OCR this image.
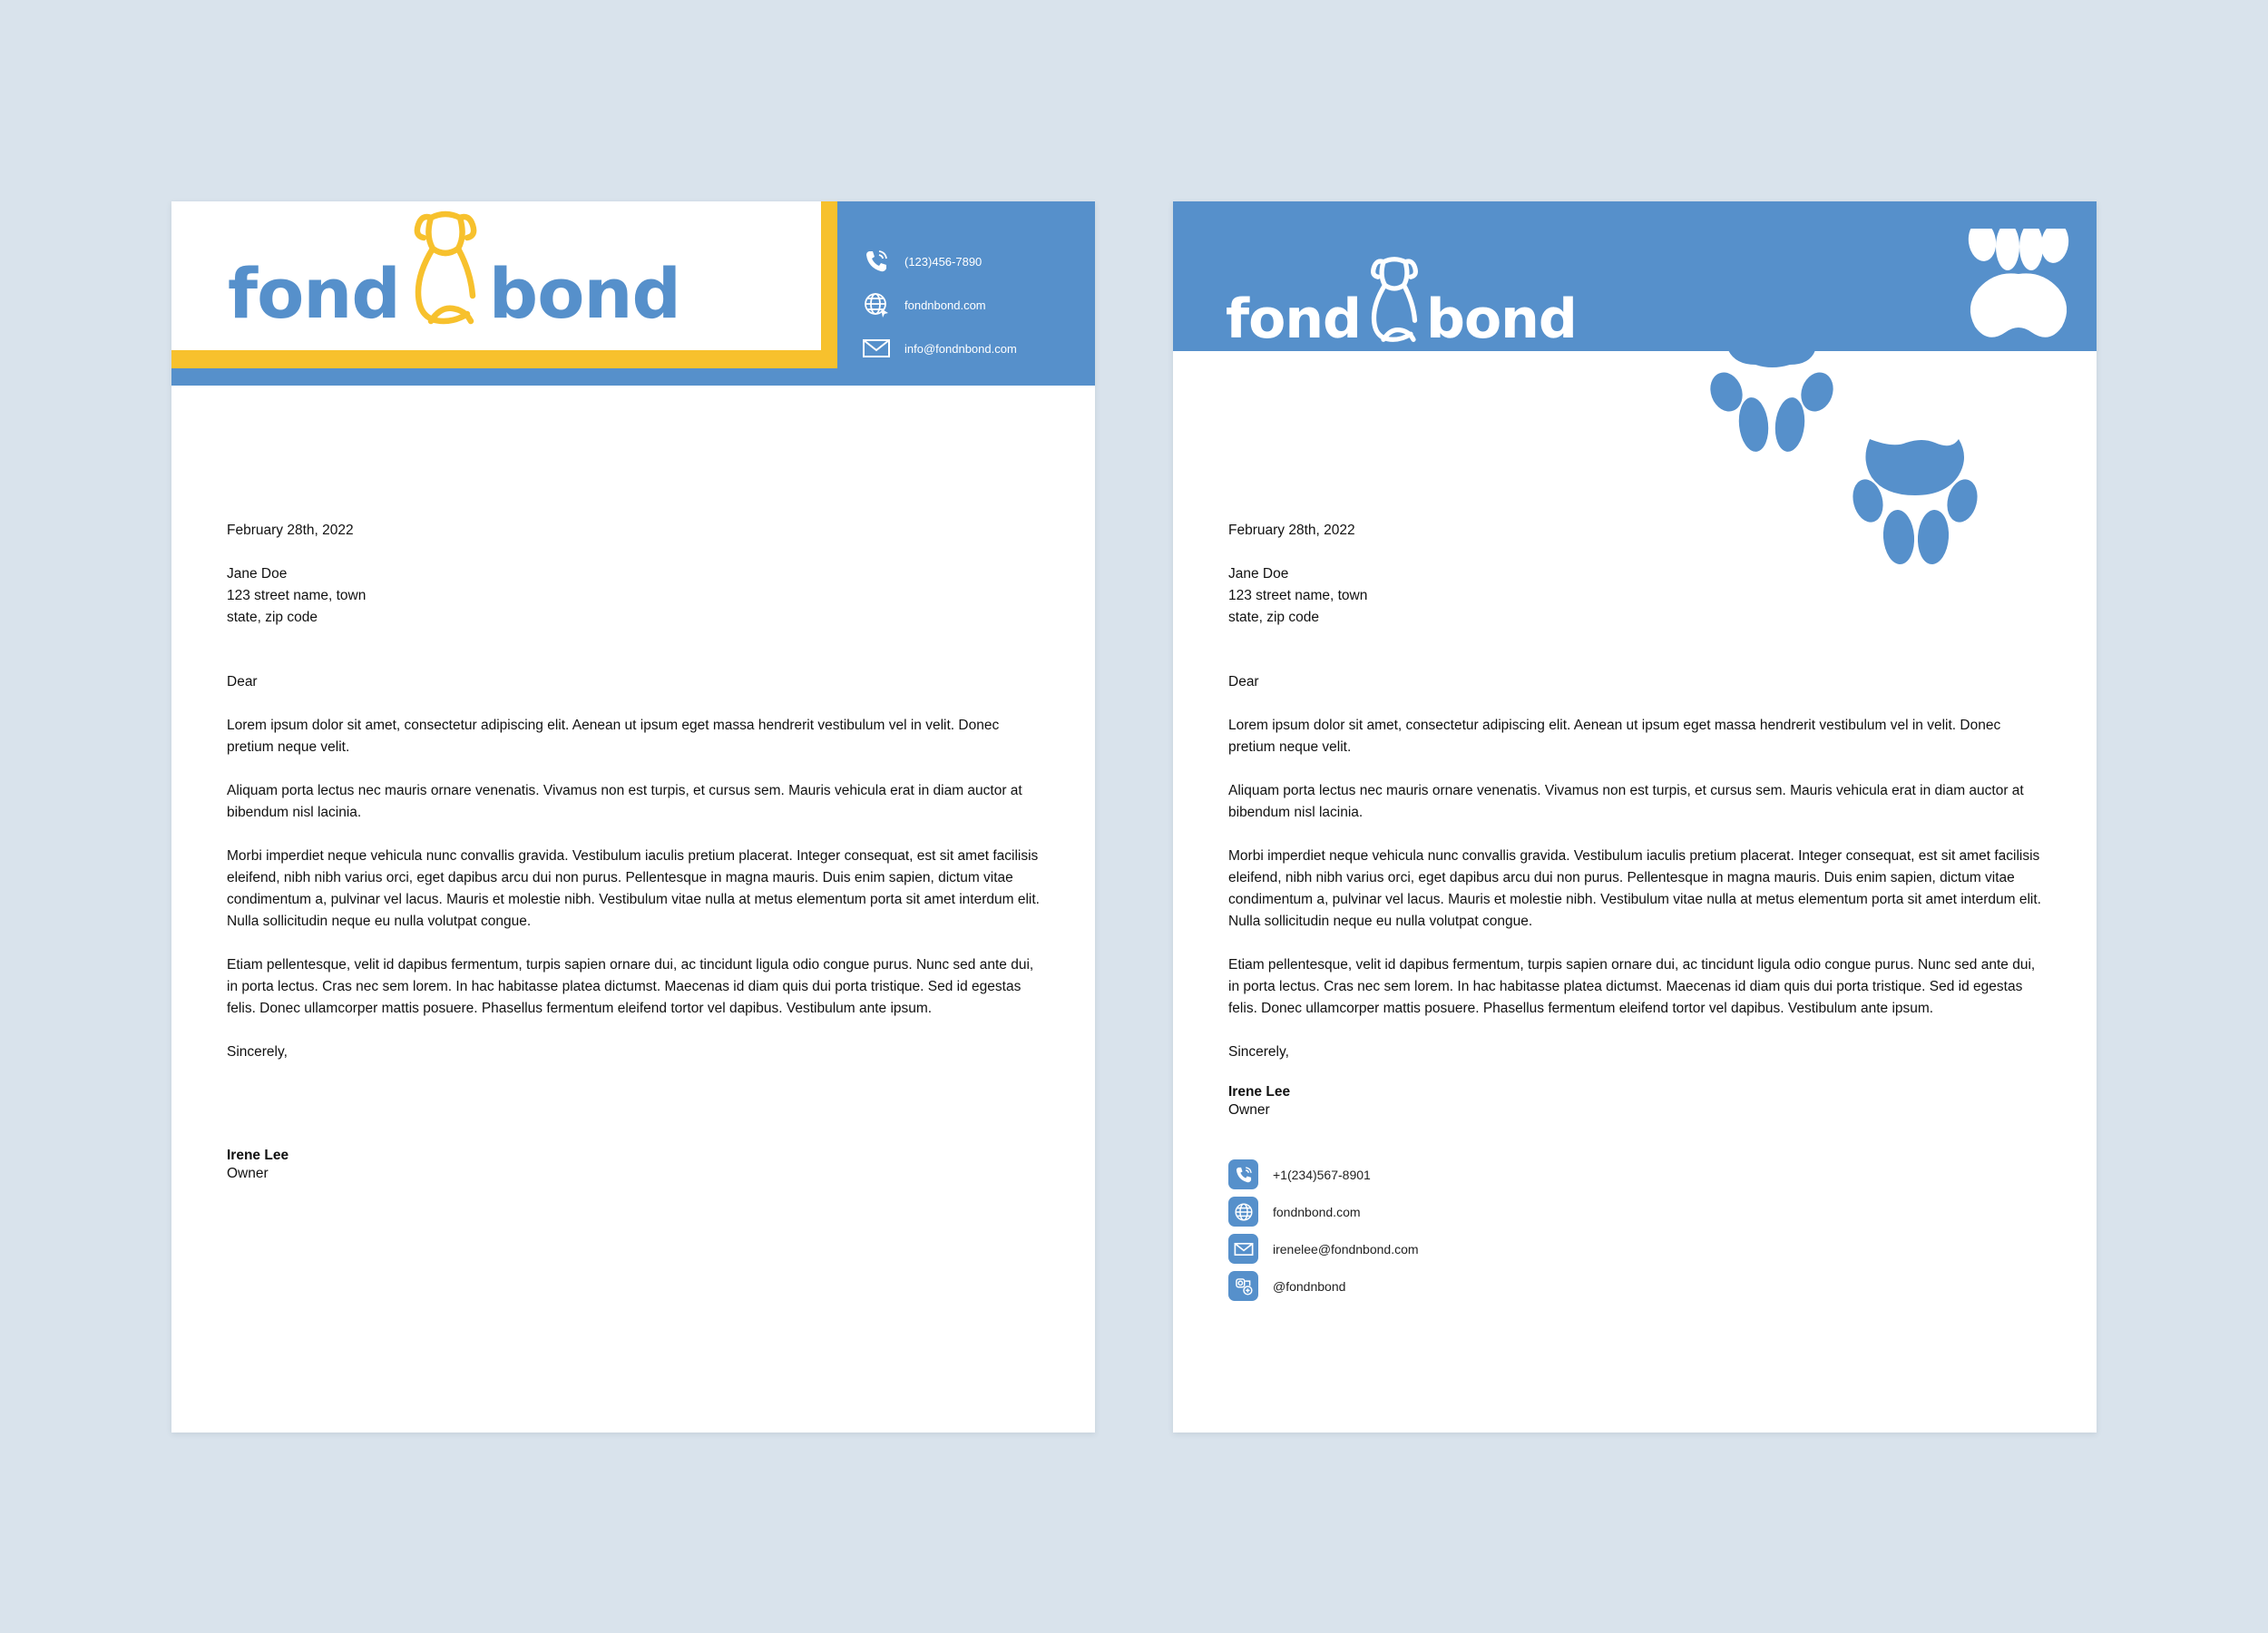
fond bond	(123)456-7890
fondnbond.com
info@fondnbond.com

February 28th, 2022

Jane Doe

123 street name, town

state, zip code

Dear

Lorem ipsum dolor sit amet, consectetur adipiscing elit. Aenean ut ipsum eget massa hendrerit vestibulum vel in velit. Donec pretium neque velit.

Aliquam porta lectus nec mauris ornare venenatis. Vivamus non est turpis, et cursus sem. Mauris vehicula erat in diam auctor at bibendum nisl lacinia.

Morbi imperdiet neque vehicula nunc convallis gravida. Vestibulum iaculis pretium placerat. Integer consequat, est sit amet facilisis eleifend, nibh nibh varius orci, eget dapibus arcu dui non purus. Pellentesque in magna mauris. Duis enim sapien, dictum vitae condimentum a, pulvinar vel lacus. Mauris et molestie nibh. Vestibulum vitae nulla at metus elementum porta sit amet interdum elit. Nulla sollicitudin neque eu nulla volutpat congue.

Etiam pellentesque, velit id dapibus fermentum, turpis sapien ornare dui, ac tincidunt ligula odio congue purus. Nunc sed ante dui, in porta lectus. Cras nec sem lorem. In hac habitasse platea dictumst. Maecenas id diam quis dui porta tristique. Sed id egestas felis. Donec ullamcorper mattis posuere. Phasellus fermentum eleifend tortor vel dapibus. Vestibulum ante ipsum.

Sincerely,

Irene Lee

Owner

fond bond

February 28th, 2022

Jane Doe

123 street name, town

state, zip code

Dear

Lorem ipsum dolor sit amet, consectetur adipiscing elit. Aenean ut ipsum eget massa hendrerit vestibulum vel in velit. Donec pretium neque velit.

Aliquam porta lectus nec mauris ornare venenatis. Vivamus non est turpis, et cursus sem. Mauris vehicula erat in diam auctor at bibendum nisl lacinia.

Morbi imperdiet neque vehicula nunc convallis gravida. Vestibulum iaculis pretium placerat. Integer consequat, est sit amet facilisis eleifend, nibh nibh varius orci, eget dapibus arcu dui non purus. Pellentesque in magna mauris. Duis enim sapien, dictum vitae condimentum a, pulvinar vel lacus. Mauris et molestie nibh. Vestibulum vitae nulla at metus elementum porta sit amet interdum elit. Nulla sollicitudin neque eu nulla volutpat congue.

Etiam pellentesque, velit id dapibus fermentum, turpis sapien ornare dui, ac tincidunt ligula odio congue purus. Nunc sed ante dui, in porta lectus. Cras nec sem lorem. In hac habitasse platea dictumst. Maecenas id diam quis dui porta tristique. Sed id egestas felis. Donec ullamcorper mattis posuere. Phasellus fermentum eleifend tortor vel dapibus. Vestibulum ante ipsum.

Sincerely,

Irene Lee

Owner

+1(234)567-8901
fondnbond.com
irenelee@fondnbond.com
@fondnbond
